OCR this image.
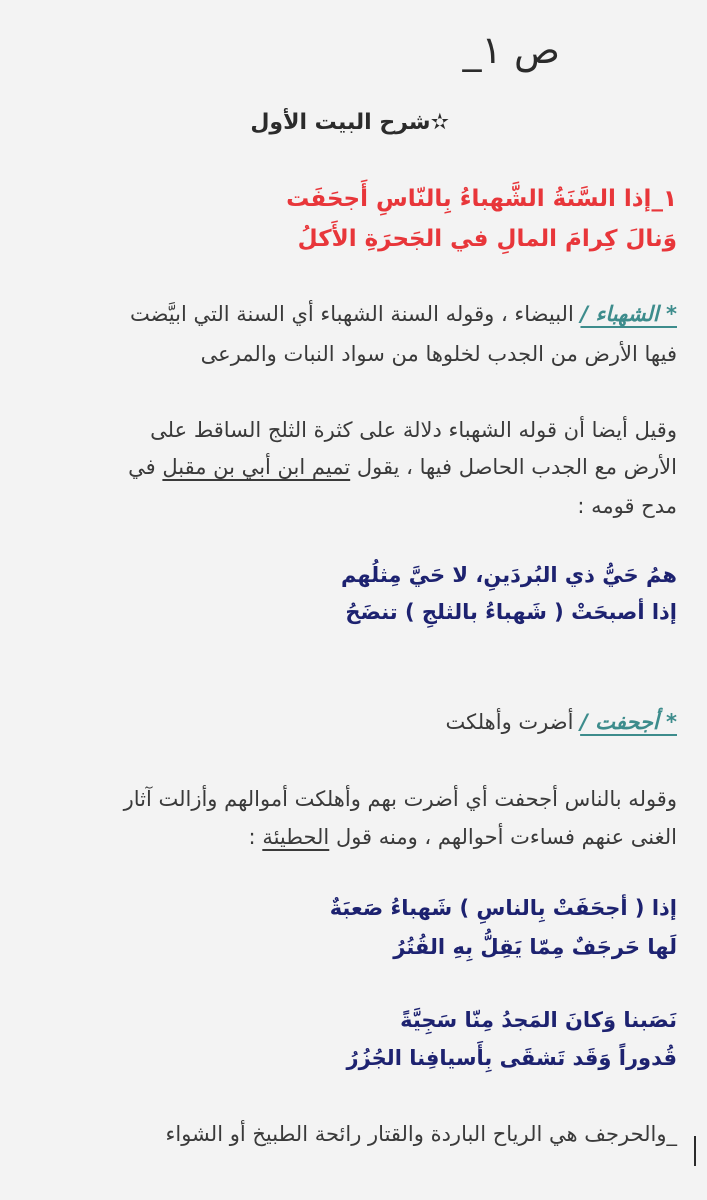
ص ١_
✫شرح البيت الأول
١_إذا السَّنَةُ الشَّهباءُ بِالنّاسِ أَجحَفَت
وَنالَ كِرامَ المالِ في الجَحرَةِ الأَكلُ
* الشهباء / البيضاء ، وقوله السنة الشهباء أي السنة التي ابيَّضت
فيها الأرض من الجدب لخلوها من سواد النبات والمرعى
وقيل أيضا أن قوله الشهباء دلالة على كثرة الثلج الساقط على
الأرض مع الجدب الحاصل فيها ، يقول تميم ابن أبي بن مقبل في
مدح قومه :
همُ حَيُّ ذي البُردَينِ، لا حَيَّ مِثلُهم
إذا أصبحَتْ ( شَهباءُ بالثلجِ ) تنضَحُ
* أجحفت / أضرت وأهلكت
وقوله بالناس أجحفت أي أضرت بهم وأهلكت أموالهم وأزالت آثار
الغنى عنهم فساءت أحوالهم ، ومنه قول الحطيئة :
إذا ( أجحَفَتْ بِالناسِ ) شَهباءُ صَعبَةٌ
لَها حَرجَفٌ مِمّا يَقِلُّ بِهِ القُتُرُ
نَصَبنا وَكانَ المَجدُ مِنّا سَجِيَّةً
قُدوراً وَقَد تَشقَى بِأَسيافِنا الجُزُرُ
_والحرجف هي الرياح الباردة والقتار رائحة الطبيخ أو الشواء
